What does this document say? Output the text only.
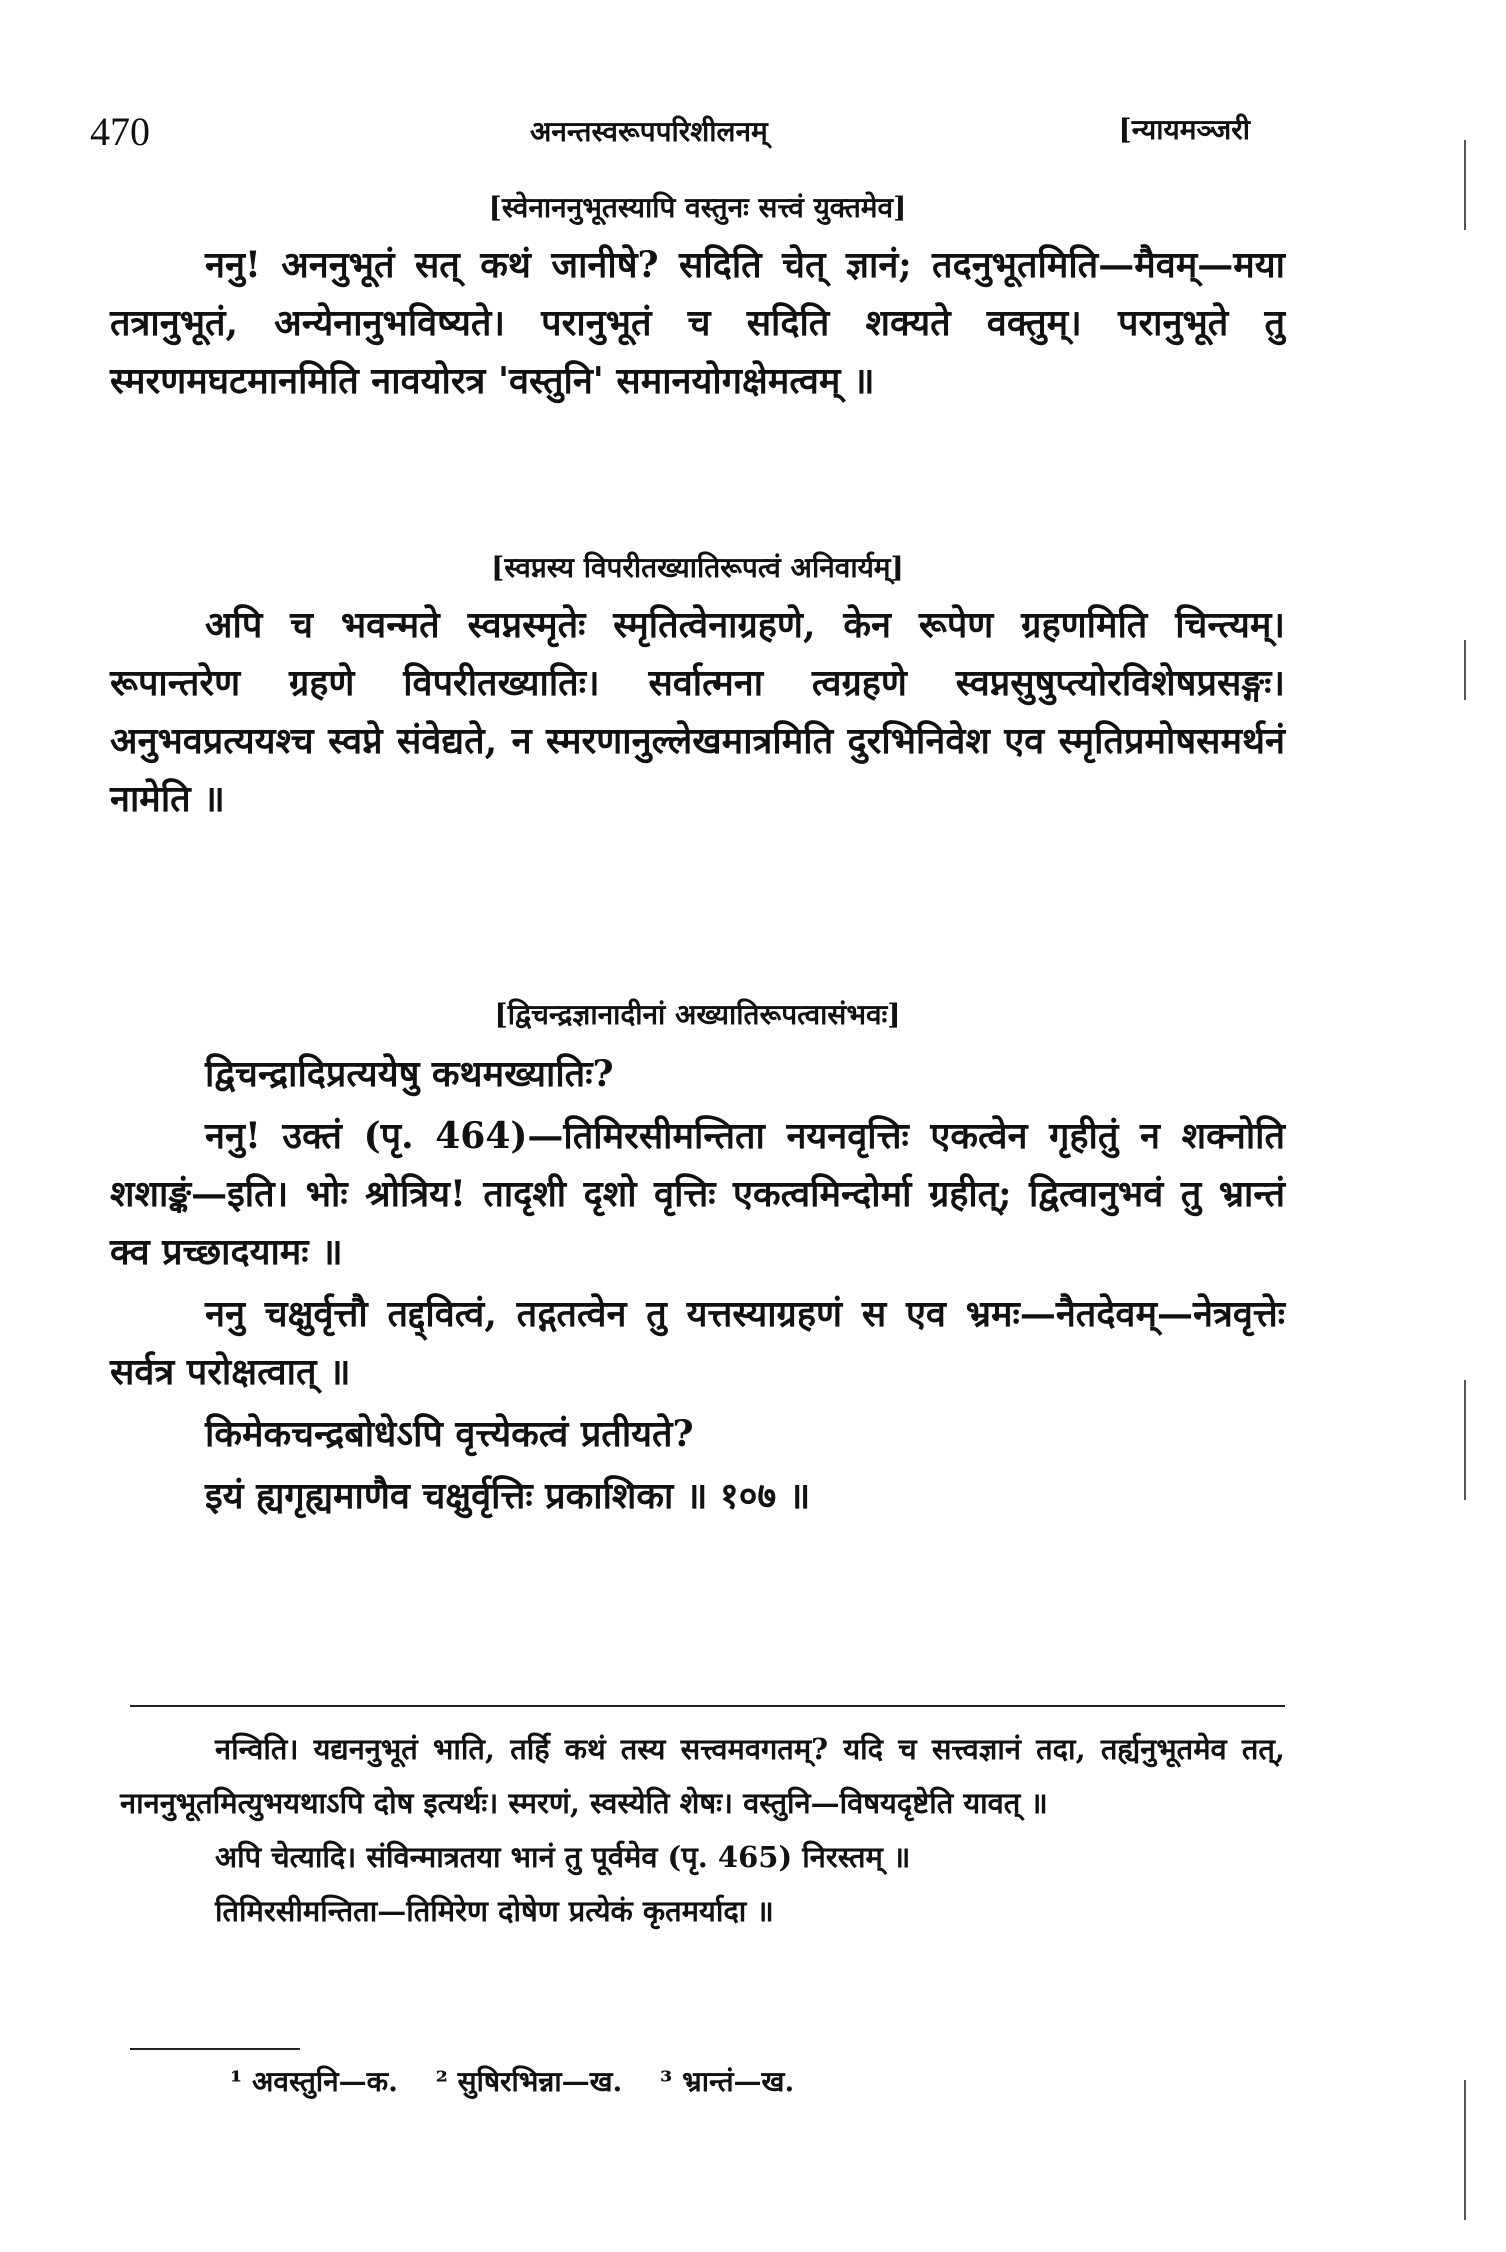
470	अनन्तस्वरूपपरिशीलनम्	[न्यायमञ्जरी

[स्वेनाननुभूतस्यापि वस्तुनः सत्त्वं युक्तमेव]

ननु! अननुभूतं सत् कथं जानीषे? सदिति चेत् ज्ञानं; तदनुभूतमिति—मैवम्—मया तत्रानुभूतं, अन्येनानुभविष्यते। परानुभूतं च सदिति शक्यते वक्तुम्। परानुभूते तु स्मरणमघटमानमिति नावयोरत्र 'वस्तुनि' समानयोगक्षेमत्वम् ॥

[स्वप्नस्य विपरीतख्यातिरूपत्वं अनिवार्यम्]

अपि च भवन्मते स्वप्नस्मृतेः स्मृतित्वेनाग्रहणे, केन रूपेण ग्रहणमिति चिन्त्यम्। रूपान्तरेण ग्रहणे विपरीतख्यातिः। सर्वात्मना त्वग्रहणे स्वप्नसुषुप्त्योरविशेषप्रसङ्गः। अनुभवप्रत्ययश्च स्वप्ने संवेद्यते, न स्मरणानुल्लेखमात्रमिति दुरभिनिवेश एव स्मृतिप्रमोषसमर्थनं नामेति ॥

[द्विचन्द्रज्ञानादीनां अख्यातिरूपत्वासंभवः]

द्विचन्द्रादिप्रत्ययेषु कथमख्यातिः?

ननु! उक्तं (पृ. 464)—तिमिरसीमन्तिता नयनवृत्तिः एकत्वेन गृहीतुं न शक्नोति शशाङ्कं—इति। भोः श्रोत्रिय! तादृशी दृशो वृत्तिः एकत्वमिन्दोर्मा ग्रहीत्; द्वित्वानुभवं तु भ्रान्तं क्व प्रच्छादयामः ॥

ननु चक्षुर्वृत्तौ तद्द्वित्वं, तद्गतत्वेन तु यत्तस्याग्रहणं स एव भ्रमः—नैतदेवम्—नेत्रवृत्तेः सर्वत्र परोक्षत्वात् ॥

किमेकचन्द्रबोधेऽपि वृत्त्येकत्वं प्रतीयते?

इयं ह्यगृह्यमाणैव चक्षुर्वृत्तिः प्रकाशिका ॥ १०७ ॥

नन्विति। यद्यननुभूतं भाति, तर्हि कथं तस्य सत्त्वमवगतम्? यदि च सत्त्वज्ञानं तदा, तर्ह्यनुभूतमेव तत्, नाननुभूतमित्युभयथाऽपि दोष इत्यर्थः। स्मरणं, स्वस्येति शेषः। वस्तुनि—विषयदृष्टेति यावत् ॥

अपि चेत्यादि। संविन्मात्रतया भानं तु पूर्वमेव (पृ. 465) निरस्तम् ॥

तिमिरसीमन्तिता—तिमिरेण दोषेण प्रत्येकं कृतमर्यादा ॥

¹ अवस्तुनि—क. ² सुषिरभिन्ना—ख. ³ भ्रान्तं—ख.
